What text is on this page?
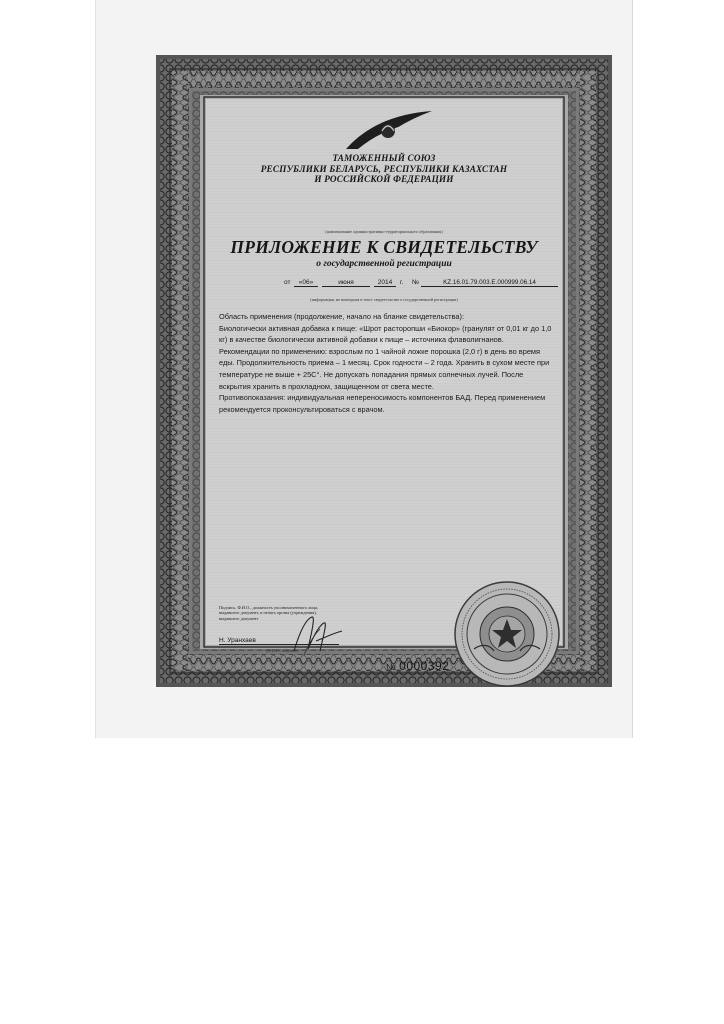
ТАМОЖЕННЫЙ СОЮЗ
РЕСПУБЛИКИ БЕЛАРУСЬ, РЕСПУБЛИКИ КАЗАХСТАН
И РОССИЙСКОЙ ФЕДЕРАЦИИ
(наименование административно-территориального образования)
ПРИЛОЖЕНИЕ К СВИДЕТЕЛЬСТВУ
о государственной регистрации
от	«06»	июня	2014	г. №	KZ.16.01.79.003.E.000999.06.14
(информация, не вошедшая в текст свидетельства о государственной регистрации)

Область применения (продолжение, начало на бланке свидетельства):

Биологически активная добавка к пище: «Шрот расторопши «Биокор» (гранулят от 0,01 кг до 1,0 кг) в качестве биологически активной добавки к пище – источника флаволигнанов.

Рекомендации по применению: взрослым по 1 чайной ложке порошка (2,0 г) в день во время еды. Продолжительность приема – 1 месяц. Срок годности – 2 года. Хранить в сухом месте при температуре не выше + 25С°. Не допускать попадания прямых солнечных лучей. После вскрытия хранить в прохладном, защищенном от света месте.

Противопоказания: индивидуальная непереносимость компонентов БАД. Перед применением рекомендуется проконсультироваться с врачом.

Подпись, Ф.И.О., должность уполномоченного лица,
выдавшего документ, и печать органа (учреждения),
выдавшего документ
Н. Уранхаев
(Ф.И.О., подпись)
№ 0000392
